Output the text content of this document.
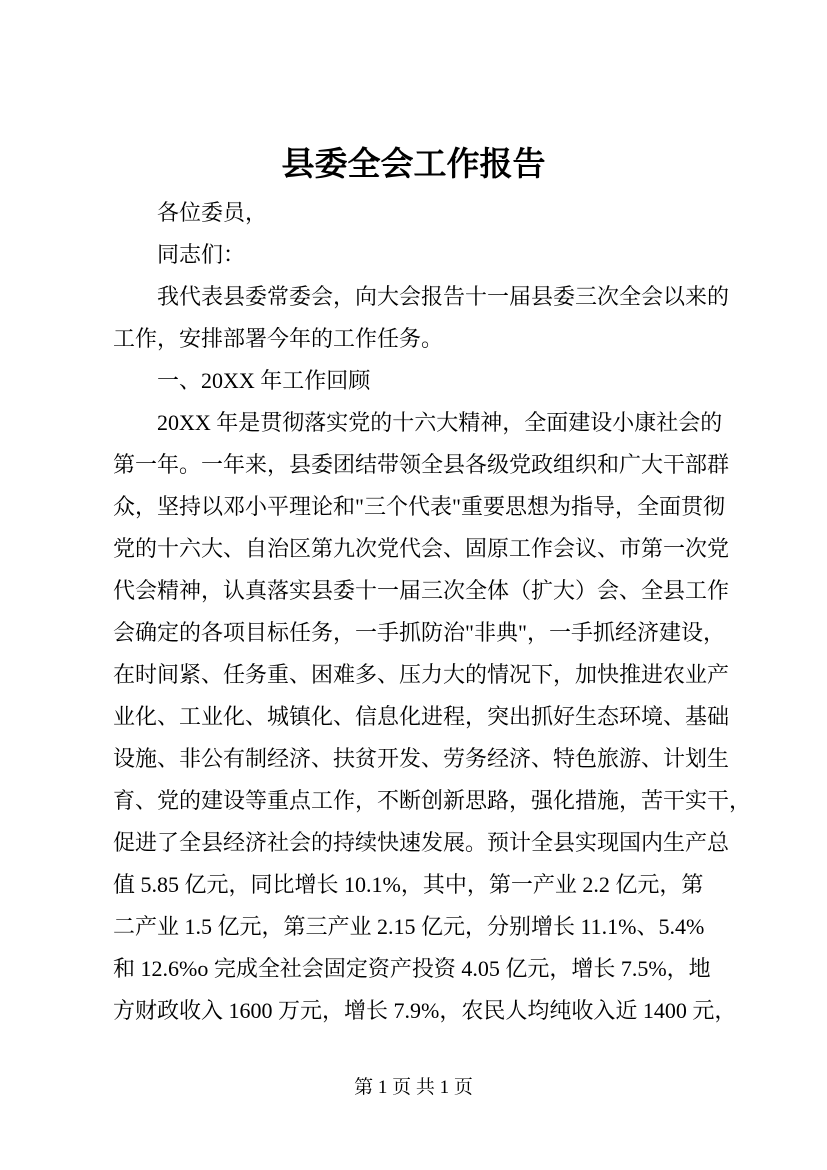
县委全会工作报告
各位委员，
同志们：
我代表县委常委会，向大会报告十一届县委三次全会以来的
工作，安排部署今年的工作任务。
一、20XX 年工作回顾
20XX 年是贯彻落实党的十六大精神，全面建设小康社会的
第一年。一年来，县委团结带领全县各级党政组织和广大干部群
众，坚持以邓小平理论和"三个代表"重要思想为指导，全面贯彻
党的十六大、自治区第九次党代会、固原工作会议、市第一次党
代会精神，认真落实县委十一届三次全体（扩大）会、全县工作
会确定的各项目标任务，一手抓防治"非典"，一手抓经济建设，
在时间紧、任务重、困难多、压力大的情况下，加快推进农业产
业化、工业化、城镇化、信息化进程，突出抓好生态环境、基础
设施、非公有制经济、扶贫开发、劳务经济、特色旅游、计划生
育、党的建设等重点工作，不断创新思路，强化措施，苦干实干，
促进了全县经济社会的持续快速发展。预计全县实现国内生产总
值 5.85 亿元，同比增长 10.1%，其中，第一产业 2.2 亿元，第
二产业 1.5 亿元，第三产业 2.15 亿元，分别增长 11.1%、5.4%
和 12.6%o 完成全社会固定资产投资 4.05 亿元，增长 7.5%，地
方财政收入 1600 万元，增长 7.9%，农民人均纯收入近 1400 元，
第 1 页 共 1 页
